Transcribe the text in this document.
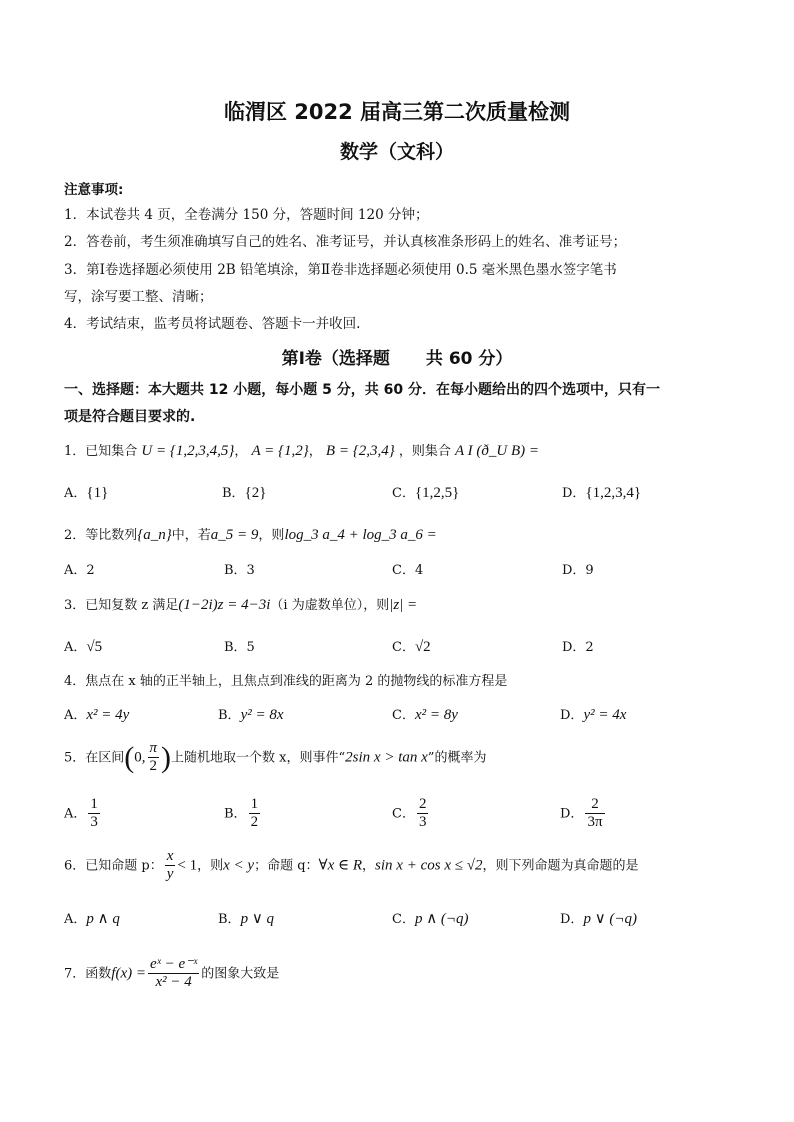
临渭区 2022 届高三第二次质量检测
数学（文科）
注意事项:
1．本试卷共 4 页，全卷满分 150 分，答题时间 120 分钟；
2．答卷前，考生须准确填写自己的姓名、准考证号，并认真核准条形码上的姓名、准考证号；
3．第Ⅰ卷选择题必须使用 2B 铅笔填涂，第Ⅱ卷非选择题必须使用 0.5 毫米黑色墨水签字笔书
写，涂写要工整、清晰；
4．考试结束，监考员将试题卷、答题卡一并收回.
第Ⅰ卷（选择题 共 60 分）
一、选择题：本大题共 12 小题，每小题 5 分，共 60 分．在每小题给出的四个选项中，只有一
项是符合题目要求的.
1．已知集合 U = {1,2,3,4,5}， A = {1,2}， B = {2,3,4} ，则集合 A I (ð_U B) =
A．{1}	B．{2}	C．{1,2,5}	D．{1,2,3,4}
2．等比数列{a_n}中，若a_5 = 9，则log_3 a_4 + log_3 a_6 =
A．2	B．3	C．4	D．9
3．已知复数 z 满足(1−2i)z = 4−3i（i 为虚数单位），则|z| =
A．√5	B．5	C．√2	D．2
4．焦点在 x 轴的正半轴上，且焦点到准线的距离为 2 的抛物线的标准方程是
A．x² = 4y	B．y² = 8x	C．x² = 8y	D．y² = 4x
5．在区间(0, $\frac{\pi}{2}$ )上随机地取一个数 x，则事件“2sin x > tan x”的概率为
A． $\frac{1}{3}$	B． $\frac{1}{2}$	C． $\frac{2}{3}$	D． $\frac{2}{3\pi}$
6．已知命题 p： $\frac{x}{y} < 1$，则x < y；命题 q：∀x ∈ R，sin x + cos x ≤ √2，则下列命题为真命题的是
A．p ∧ q	B．p ∨ q	C．p ∧ (¬q)	D．p ∨ (¬q)
7．函数$f(x) = \frac{\text{eˣ − e⁻ˣ}}{\text{x² − 4}}$ 的图象大致是
